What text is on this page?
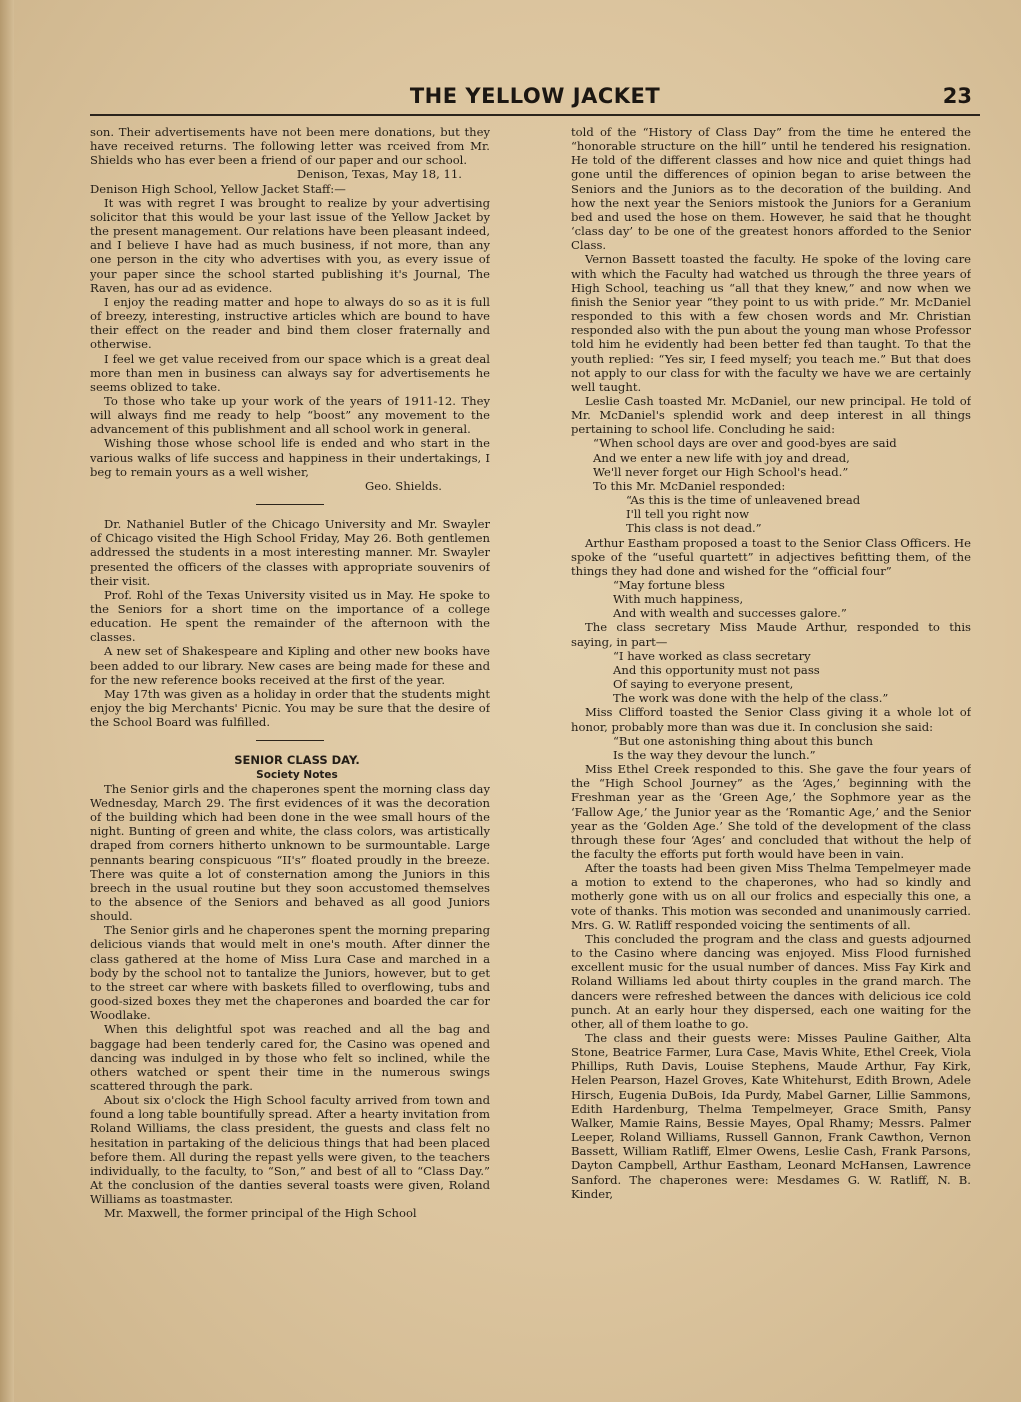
THE YELLOW JACKET	23

son. Their advertisements have not been mere donations, but they have received returns. The following letter was rceived from Mr. Shields who has ever been a friend of our paper and our school.

Denison, Texas, May 18, 11.

Denison High School, Yellow Jacket Staff:—

It was with regret I was brought to realize by your advertising solicitor that this would be your last issue of the Yellow Jacket by the present management. Our relations have been pleasant indeed, and I believe I have had as much business, if not more, than any one person in the city who advertises with you, as every issue of your paper since the school started publishing it's Journal, The Raven, has our ad as evidence.

I enjoy the reading matter and hope to always do so as it is full of breezy, interesting, instructive articles which are bound to have their effect on the reader and bind them closer fraternally and otherwise.

I feel we get value received from our space which is a great deal more than men in business can always say for advertisements he seems oblized to take.

To those who take up your work of the years of 1911-12. They will always find me ready to help “boost” any movement to the advancement of this publishment and all school work in general.

Wishing those whose school life is ended and who start in the various walks of life success and happiness in their undertakings, I beg to remain yours as a well wisher,

Geo. Shields.

Dr. Nathaniel Butler of the Chicago University and Mr. Swayler of Chicago visited the High School Friday, May 26. Both gentlemen addressed the students in a most interesting manner. Mr. Swayler presented the officers of the classes with appropriate souvenirs of their visit.

Prof. Rohl of the Texas University visited us in May. He spoke to the Seniors for a short time on the importance of a college education. He spent the remainder of the afternoon with the classes.

A new set of Shakespeare and Kipling and other new books have been added to our library. New cases are being made for these and for the new reference books received at the first of the year.

May 17th was given as a holiday in order that the students might enjoy the big Merchants' Picnic. You may be sure that the desire of the School Board was fulfilled.

SENIOR CLASS DAY.

Society Notes

The Senior girls and the chaperones spent the morning class day Wednesday, March 29. The first evidences of it was the decoration of the building which had been done in the wee small hours of the night. Bunting of green and white, the class colors, was artistically draped from corners hitherto unknown to be surmountable. Large pennants bearing conspicuous “II's” floated proudly in the breeze. There was quite a lot of consternation among the Juniors in this breech in the usual routine but they soon accustomed themselves to the absence of the Seniors and behaved as all good Juniors should.

The Senior girls and he chaperones spent the morning preparing delicious viands that would melt in one's mouth. After dinner the class gathered at the home of Miss Lura Case and marched in a body by the school not to tantalize the Juniors, however, but to get to the street car where with baskets filled to overflowing, tubs and good-sized boxes they met the chaperones and boarded the car for Woodlake.

When this delightful spot was reached and all the bag and baggage had been tenderly cared for, the Casino was opened and dancing was indulged in by those who felt so inclined, while the others watched or spent their time in the numerous swings scattered through the park.

About six o'clock the High School faculty arrived from town and found a long table bountifully spread. After a hearty invitation from Roland Williams, the class president, the guests and class felt no hesitation in partaking of the delicious things that had been placed before them. All during the repast yells were given, to the teachers individually, to the faculty, to “Son,” and best of all to “Class Day.” At the conclusion of the danties several toasts were given, Roland Williams as toastmaster.

Mr. Maxwell, the former principal of the High School

told of the “History of Class Day” from the time he entered the “honorable structure on the hill” until he tendered his resignation. He told of the different classes and how nice and quiet things had gone until the differences of opinion began to arise between the Seniors and the Juniors as to the decoration of the building. And how the next year the Seniors mistook the Juniors for a Geranium bed and used the hose on them. However, he said that he thought ‘class day’ to be one of the greatest honors afforded to the Senior Class.

Vernon Bassett toasted the faculty. He spoke of the loving care with which the Faculty had watched us through the three years of High School, teaching us “all that they knew,” and now when we finish the Senior year “they point to us with pride.” Mr. McDaniel responded to this with a few chosen words and Mr. Christian responded also with the pun about the young man whose Professor told him he evidently had been better fed than taught. To that the youth replied: “Yes sir, I feed myself; you teach me.” But that does not apply to our class for with the faculty we have we are certainly well taught.

Leslie Cash toasted Mr. McDaniel, our new principal. He told of Mr. McDaniel's splendid work and deep interest in all things pertaining to school life. Concluding he said:

“When school days are over and good-byes are said

And we enter a new life with joy and dread,

We'll never forget our High School's head.”

To this Mr. McDaniel responded:

“As this is the time of unleavened bread

I'll tell you right now

This class is not dead.”

Arthur Eastham proposed a toast to the Senior Class Officers. He spoke of the “useful quartett” in adjectives befitting them, of the things they had done and wished for the “official four”

“May fortune bless

With much happiness,

And with wealth and successes galore.”

The class secretary Miss Maude Arthur, responded to this saying, in part—

“I have worked as class secretary

And this opportunity must not pass

Of saying to everyone present,

The work was done with the help of the class.”

Miss Clifford toasted the Senior Class giving it a whole lot of honor, probably more than was due it. In conclusion she said:

“But one astonishing thing about this bunch

Is the way they devour the lunch.”

Miss Ethel Creek responded to this. She gave the four years of the “High School Journey” as the ‘Ages,’ beginning with the Freshman year as the ‘Green Age,’ the Sophmore year as the ‘Fallow Age,’ the Junior year as the ‘Romantic Age,’ and the Senior year as the ‘Golden Age.’ She told of the development of the class through these four ‘Ages’ and concluded that without the help of the faculty the efforts put forth would have been in vain.

After the toasts had been given Miss Thelma Tempelmeyer made a motion to extend to the chaperones, who had so kindly and motherly gone with us on all our frolics and especially this one, a vote of thanks. This motion was seconded and unanimously carried. Mrs. G. W. Ratliff responded voicing the sentiments of all.

This concluded the program and the class and guests adjourned to the Casino where dancing was enjoyed. Miss Flood furnished excellent music for the usual number of dances. Miss Fay Kirk and Roland Williams led about thirty couples in the grand march. The dancers were refreshed between the dances with delicious ice cold punch. At an early hour they dispersed, each one waiting for the other, all of them loathe to go.

The class and their guests were: Misses Pauline Gaither, Alta Stone, Beatrice Farmer, Lura Case, Mavis White, Ethel Creek, Viola Phillips, Ruth Davis, Louise Stephens, Maude Arthur, Fay Kirk, Helen Pearson, Hazel Groves, Kate Whitehurst, Edith Brown, Adele Hirsch, Eugenia DuBois, Ida Purdy, Mabel Garner, Lillie Sammons, Edith Hardenburg, Thelma Tempelmeyer, Grace Smith, Pansy Walker, Mamie Rains, Bessie Mayes, Opal Rhamy; Messrs. Palmer Leeper, Roland Williams, Russell Gannon, Frank Cawthon, Vernon Bassett, William Ratliff, Elmer Owens, Leslie Cash, Frank Parsons, Dayton Campbell, Arthur Eastham, Leonard McHansen, Lawrence Sanford. The chaperones were: Mesdames G. W. Ratliff, N. B. Kinder,
